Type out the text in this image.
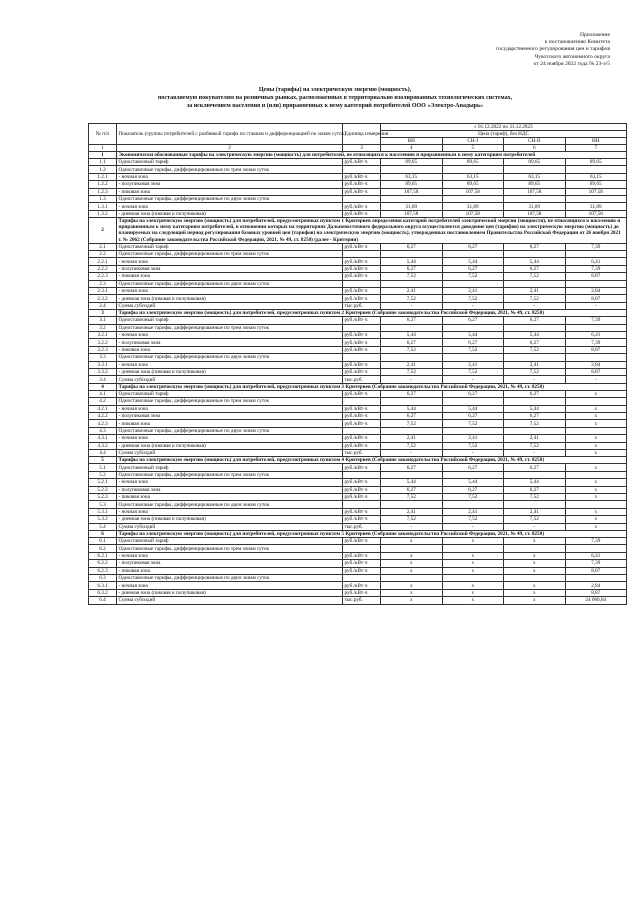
Приложение
к постановлению Комитета
государственного регулирования цен и тарифов
Чукотского автономного округа
от 24 ноября 2022 года № 23-э/5
Цены (тарифы) на электрическую энергию (мощность),
поставляемую покупателям на розничных рынках, расположенных в территориально изолированных технологических системах,
за исключением населения и (или) приравненных к нему категорий потребителей ООО «Электро-Анадырь»
№ п/п	Показатель (группы потребителей с разбивкой тарифа по ставкам и дифференциацией по зонам суток)	Единица измерения	с 01.12.2022 по 31.12.2023			
			Цена (тариф), без НДС			
			ВН	СН-I	СН-II	НН
1	2	3	4	5	6	7
1	Экономически обоснованные тарифы на электрическую энергию (мощность) для потребителей, не относящихся к населению и приравненным к нему категориям потребителей					
1.1	Одноставочный тариф	руб./кВт·ч	89,65	89,65	89,65	89,65
1.2	Одноставочные тарифы, дифференцированные по трем зонам суток					
1.2.1	- ночная зона	руб./кВт·ч	63,15	63,15	63,15	63,15
1.2.2	- полупиковая зона	руб./кВт·ч	89,65	89,65	89,65	89,65
1.2.3	- пиковая зона	руб./кВт·ч	107,58	107,58	107,58	107,58
1.3	Одноставочные тарифы, дифференцированные по двум зонам суток					
1.3.1	- ночная зона	руб./кВт·ч	31,89	31,89	31,89	31,89
1.3.2	- дневная зона (пиковая и полупиковая)	руб./кВт·ч	107,58	107,58	107,58	107,58
2	Тарифы на электрическую энергию (мощность) для потребителей, предусмотренных пунктом 1 Критериев определения категорий потребителей электрической энергии (мощности), не относящихся к населению и приравненным к нему категориям потребителей, в отношении которых на территориях Дальневосточного федерального округа осуществляется доведение цен (тарифов) на электрическую энергию (мощность) до планируемых на следующий период регулирования базовых уровней цен (тарифов) на электрическую энергию (мощность), утвержденных постановлением Правительства Российской Федерации от 26 ноября 2021 г. № 2062 (Собрание законодательства Российской Федерации, 2021, № 49, ст. 8250) (далее - Критерии)					
2.1	Одноставочный тариф	руб./кВт·ч	6,27	6,27	6,27	7,39
2.2	Одноставочные тарифы, дифференцированные по трем зонам суток					
2.2.1	- ночная зона	руб./кВт·ч	5,44	5,44	5,44	6,41
2.2.2	- полупиковая зона	руб./кВт·ч	6,27	6,27	6,27	7,39
2.2.3	- пиковая зона	руб./кВт·ч	7,52	7,52	7,52	8,87
2.3	Одноставочные тарифы, дифференцированные по двум зонам суток					
2.3.1	- ночная зона	руб./кВт·ч	2,41	2,41	2,41	2,84
2.3.2	- дневная зона (пиковая и полупиковая)	руб./кВт·ч	7,52	7,52	7,52	8,87
2.4	Сумма субсидий	тыс.руб.	-	-	-	-
3	Тарифы на электрическую энергию (мощность) для потребителей, предусмотренных пунктом 2 Критериев (Собрание законодательства Российской Федерации, 2021, № 49, ст. 8250)					
3.1	Одноставочный тариф	руб./кВт·ч	6,27	6,27	6,27	7,39
3.2	Одноставочные тарифы, дифференцированные по трем зонам суток					
3.2.1	- ночная зона	руб./кВт·ч	5,44	5,44	5,44	6,41
3.2.2	- полупиковая зона	руб./кВт·ч	6,27	6,27	6,27	7,39
3.2.3	- пиковая зона	руб./кВт·ч	7,52	7,52	7,52	8,87
3.3	Одноставочные тарифы, дифференцированные по двум зонам суток					
3.3.1	- ночная зона	руб./кВт·ч	2,41	2,41	2,41	2,84
3.3.2	- дневная зона (пиковая и полупиковая)	руб./кВт·ч	7,52	7,52	7,52	8,87
3.4	Сумма субсидий	тыс.руб.	-	-	-	-
4	Тарифы на электрическую энергию (мощность) для потребителей, предусмотренных пунктом 3 Критериев (Собрание законодательства Российской Федерации, 2021, № 49, ст. 8250)					
4.1	Одноставочный тариф	руб./кВт·ч	6,27	6,27	6,27	х
4.2	Одноставочные тарифы, дифференцированные по трем зонам суток					
4.2.1	- ночная зона	руб./кВт·ч	5,44	5,44	5,44	х
4.2.2	- полупиковая зона	руб./кВт·ч	6,27	6,27	6,27	х
4.2.3	- пиковая зона	руб./кВт·ч	7,52	7,52	7,52	х
4.3	Одноставочные тарифы, дифференцированные по двум зонам суток					
4.3.1	- ночная зона	руб./кВт·ч	2,41	2,41	2,41	х
4.3.2	- дневная зона (пиковая и полупиковая)	руб./кВт·ч	7,52	7,52	7,52	х
4.4	Сумма субсидий	тыс.руб.	-	-	-	х
5	Тарифы на электрическую энергию (мощность) для потребителей, предусмотренных пунктом 4 Критериев (Собрание законодательства Российской Федерации, 2021, № 49, ст. 8250)					
5.1	Одноставочный тариф	руб./кВт·ч	6,27	6,27	6,27	х
5.2	Одноставочные тарифы, дифференцированные по трем зонам суток					
5.2.1	- ночная зона	руб./кВт·ч	5,44	5,44	5,44	х
5.2.2	- полупиковая зона	руб./кВт·ч	6,27	6,27	6,27	х
5.2.3	- пиковая зона	руб./кВт·ч	7,52	7,52	7,52	х
5.3	Одноставочные тарифы, дифференцированные по двум зонам суток					
5.3.1	- ночная зона	руб./кВт·ч	2,41	2,41	2,41	х
5.3.2	- дневная зона (пиковая и полупиковая)	руб./кВт·ч	7,52	7,52	7,52	х
5.4	Сумма субсидий	тыс.руб.	-	-	-	х
6	Тарифы на электрическую энергию (мощность) для потребителей, предусмотренных пунктом 5 Критериев (Собрание законодательства Российской Федерации, 2021, № 49, ст. 8250)					
6.1	Одноставочный тариф	руб./кВт·ч	х	х	х	7,39
6.2	Одноставочные тарифы, дифференцированные по трем зонам суток					
6.2.1	- ночная зона	руб./кВт·ч	х	х	х	6,41
6.2.2	- полупиковая зона	руб./кВт·ч	х	х	х	7,39
6.2.3	- пиковая зона	руб./кВт·ч	х	х	х	8,87
6.3	Одноставочные тарифы, дифференцированные по двум зонам суток					
6.3.1	- ночная зона	руб./кВт·ч	х	х	х	2,84
6.3.2	- дневная зона (пиковая и полупиковая)	руб./кВт·ч	х	х	х	8,87
6.4	Сумма субсидий	тыс.руб.	х	х	х	24 060,84
